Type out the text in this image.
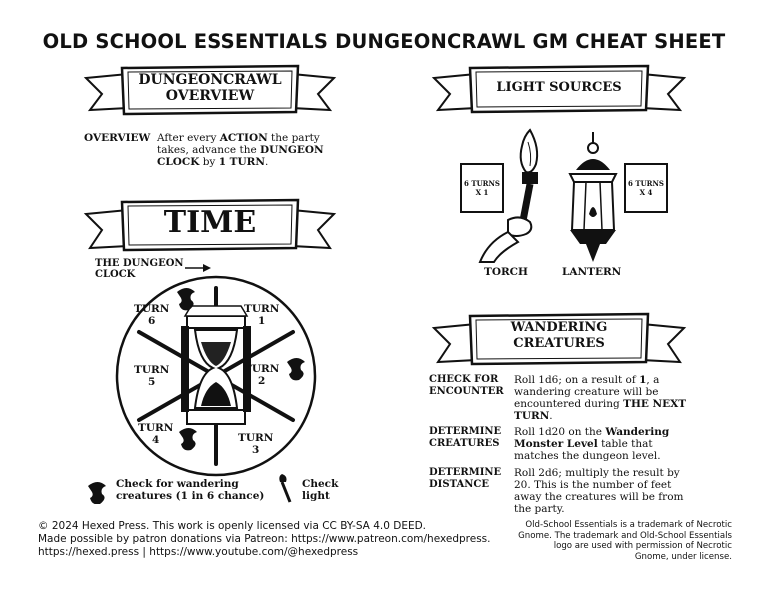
OLD SCHOOL ESSENTIALS DUNGEONCRAWL GM CHEAT SHEET
DUNGEONCRAWL
OVERVIEW
OVERVIEW After every ACTION the party takes, advance the DUNGEON CLOCK by 1 TURN.
TIME
THE DUNGEON
CLOCK
TURN
1
TURN
2
TURN
3
TURN
4
TURN
5
TURN
6
Check for wandering
creatures (1 in 6 chance)
Check
light
LIGHT SOURCES
6 TURNS
X 1
TORCH
6 TURNS
X 4
LANTERN
WANDERING
CREATURES
CHECK FOR
ENCOUNTER
Roll 1d6; on a result of 1, a wandering creature will be encountered during THE NEXT TURN.
DETERMINE
CREATURES
Roll 1d20 on the Wandering Monster Level table that matches the dungeon level.
DETERMINE
DISTANCE
Roll 2d6; multiply the result by 20. This is the number of feet away the creatures will be from the party.
© 2024 Hexed Press. This work is openly licensed via CC BY-SA 4.0 DEED.
Made possible by patron donations via Patreon: https://www.patreon.com/hexedpress.
https://hexed.press | https://www.youtube.com/@hexedpress
Old-School Essentials is a trademark of Necrotic
Gnome. The trademark and Old-School Essentials
logo are used with permission of Necrotic
Gnome, under license.
